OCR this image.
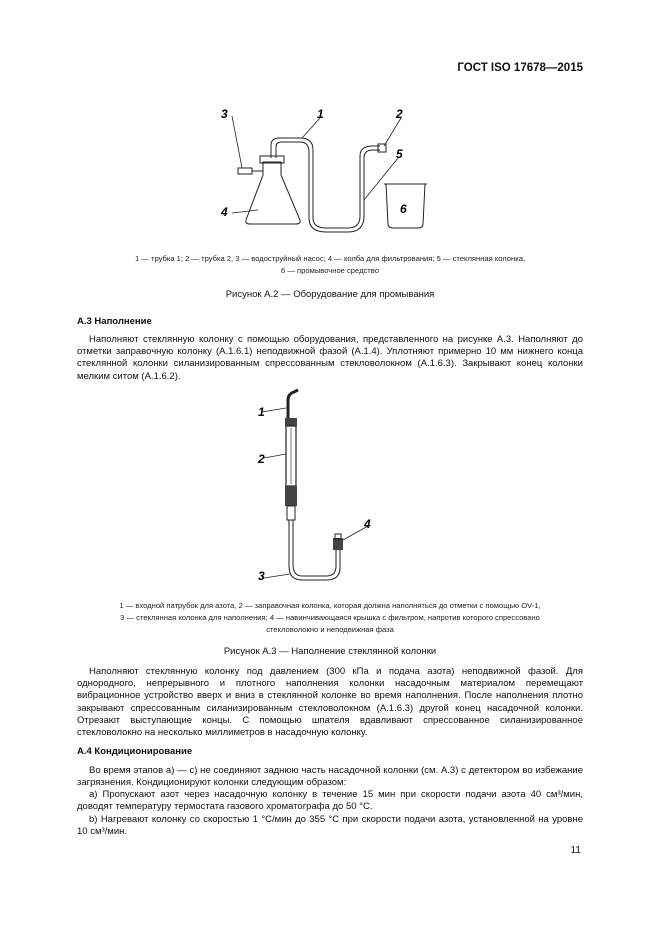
ГОСТ ISO 17678—2015
3	1	2
5
4	6
1 — трубка 1; 2 — трубка 2, 3 — водоструйный насос; 4 — колба для фильтрования; 5 — стеклянная колонка,
6 — промывочное средство
Рисунок А.2 — Оборудование для промывания
А.3 Наполнение
Наполняют стеклянную колонку с помощью оборудования, представленного на рисунке А.3. Наполняют до отметки заправочную колонку (А.1.6.1) неподвижной фазой (А.1.4). Уплотняют примерно 10 мм нижнего конца стеклянной колонки силанизированным спрессованным стекловолокном (А.1.6.3). Закрывают конец колонки мелким ситом (А.1.6.2).
1
2
3
4
1 — входной патрубок для азота, 2 — заправочная колонка, которая должна наполняться до отметки с помощью OV-1,
3 — стеклянная колонка для наполнения; 4 — навинчивающаяся крышка с фильтром, напротив которого спрессовано
стекловолокно и неподвижная фаза
Рисунок А.3 — Наполнение стеклянной колонки
Наполняют стеклянную колонку под давлением (300 кПа и подача азота) неподвижной фазой. Для однородного, непрерывного и плотного наполнения колонки насадочным материалом перемещают вибрационное устройство вверх и вниз в стеклянной колонке во время наполнения. После наполнения плотно закрывают спрессованным силанизированным стекловолокном (А.1.6.3) другой конец насадочной колонки. Отрезают выступающие концы. С помощью шпателя вдавливают спрессованное силанизированное стекловолокно на несколько миллиметров в насадочную колонку.
А.4 Кондиционирование
Во время этапов а) — с) не соединяют заднюю часть насадочной колонки (см. А.3) с детектором во избежание загрязнения. Кондиционируют колонки следующим образом:
а) Пропускают азот через насадочную колонку в течение 15 мин при скорости подачи азота 40 см³/мин, доводят температуру термостата газового хроматографа до 50 °С.
b) Нагревают колонку со скоростью 1 °С/мин до 355 °С при скорости подачи азота, установленной на уровне 10 см³/мин.
11
